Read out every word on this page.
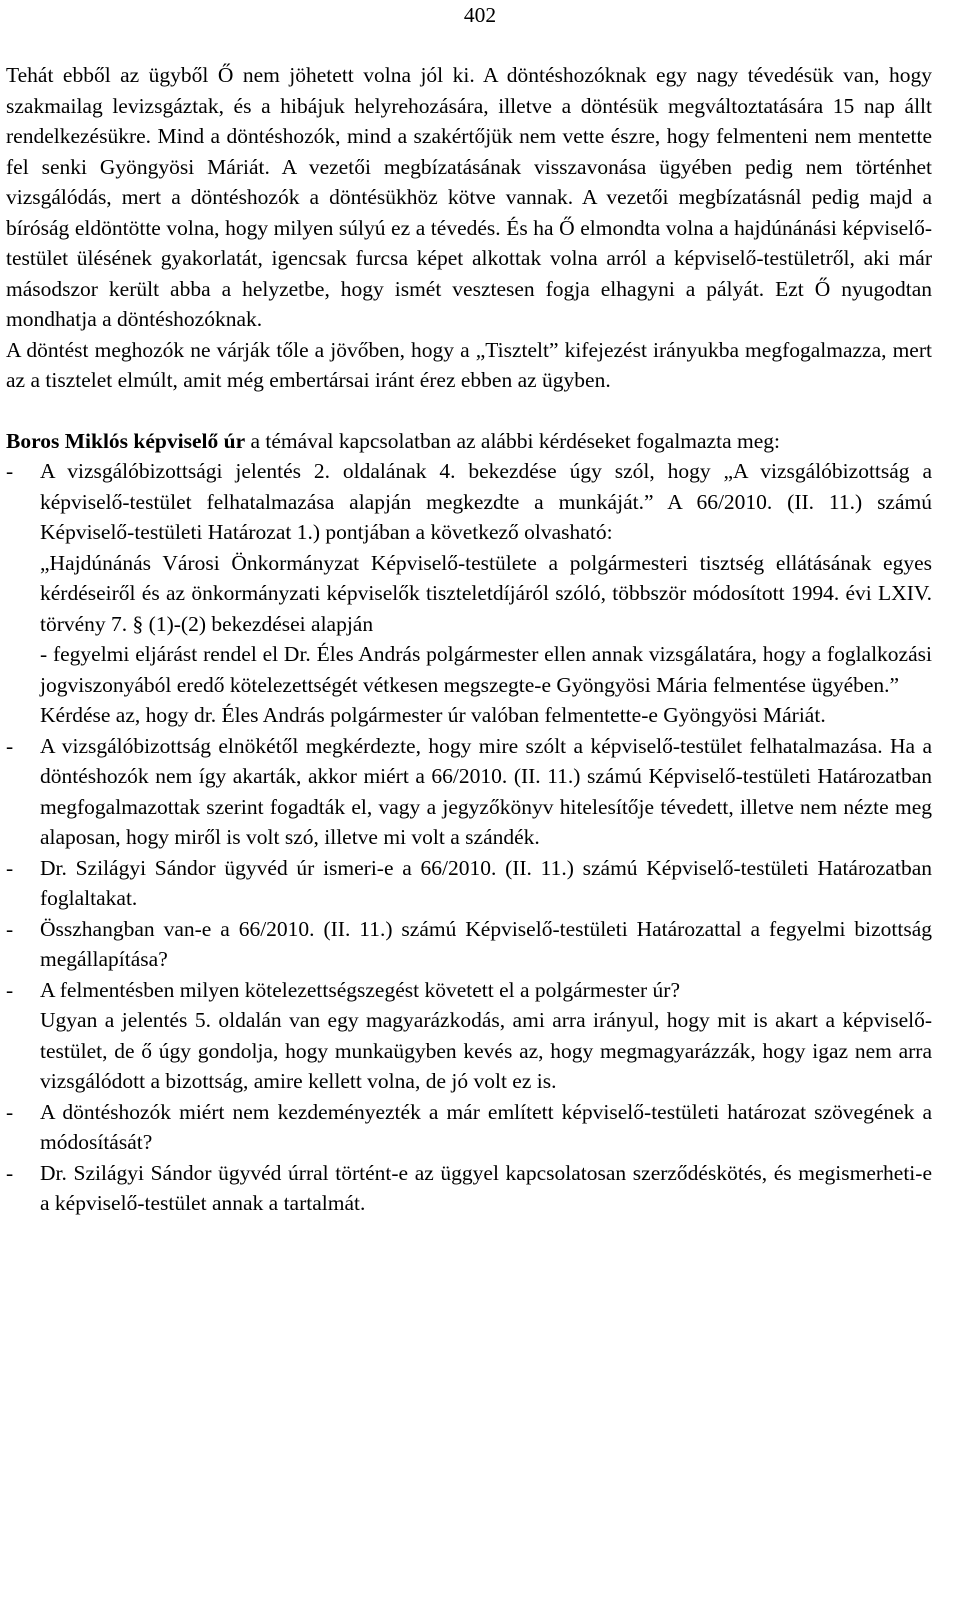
402

Tehát ebből az ügyből Ő nem jöhetett volna jól ki. A döntéshozóknak egy nagy tévedésük van, hogy szakmailag levizsgáztak, és a hibájuk helyrehozására, illetve a döntésük megváltoztatására 15 nap állt rendelkezésükre. Mind a döntéshozók, mind a szakértőjük nem vette észre, hogy felmenteni nem mentette fel senki Gyöngyösi Máriát. A vezetői megbízatásának visszavonása ügyében pedig nem történhet vizsgálódás, mert a döntéshozók a döntésükhöz kötve vannak. A vezetői megbízatásnál pedig majd a bíróság eldöntötte volna, hogy milyen súlyú ez a tévedés. És ha Ő elmondta volna a hajdúnánási képviselő-testület ülésének gyakorlatát, igencsak furcsa képet alkottak volna arról a képviselő-testületről, aki már másodszor került abba a helyzetbe, hogy ismét vesztesen fogja elhagyni a pályát. Ezt Ő nyugodtan mondhatja a döntéshozóknak.

A döntést meghozók ne várják tőle a jövőben, hogy a „Tisztelt” kifejezést irányukba megfogalmazza, mert az a tisztelet elmúlt, amit még embertársai iránt érez ebben az ügyben.

Boros Miklós képviselő úr a témával kapcsolatban az alábbi kérdéseket fogalmazta meg:

- A vizsgálóbizottsági jelentés 2. oldalának 4. bekezdése úgy szól, hogy „A vizsgálóbizottság a képviselő-testület felhatalmazása alapján megkezdte a munkáját.” A 66/2010. (II. 11.) számú Képviselő-testületi Határozat 1.) pontjában a következő olvasható:
„Hajdúnánás Városi Önkormányzat Képviselő-testülete a polgármesteri tisztség ellátásának egyes kérdéseiről és az önkormányzati képviselők tiszteletdíjáról szóló, többször módosított 1994. évi LXIV. törvény 7. § (1)-(2) bekezdései alapján
- fegyelmi eljárást rendel el Dr. Éles András polgármester ellen annak vizsgálatára, hogy a foglalkozási jogviszonyából eredő kötelezettségét vétkesen megszegte-e Gyöngyösi Mária felmentése ügyében.”
Kérdése az, hogy dr. Éles András polgármester úr valóban felmentette-e Gyöngyösi Máriát.
- A vizsgálóbizottság elnökétől megkérdezte, hogy mire szólt a képviselő-testület felhatalmazása. Ha a döntéshozók nem így akarták, akkor miért a 66/2010. (II. 11.) számú Képviselő-testületi Határozatban megfogalmazottak szerint fogadták el, vagy a jegyzőkönyv hitelesítője tévedett, illetve nem nézte meg alaposan, hogy miről is volt szó, illetve mi volt a szándék.
- Dr. Szilágyi Sándor ügyvéd úr ismeri-e a 66/2010. (II. 11.) számú Képviselő-testületi Határozatban foglaltakat.
- Összhangban van-e a 66/2010. (II. 11.) számú Képviselő-testületi Határozattal a fegyelmi bizottság megállapítása?
- A felmentésben milyen kötelezettségszegést követett el a polgármester úr?
Ugyan a jelentés 5. oldalán van egy magyarázkodás, ami arra irányul, hogy mit is akart a képviselő-testület, de ő úgy gondolja, hogy munkaügyben kevés az, hogy megmagyarázzák, hogy igaz nem arra vizsgálódott a bizottság, amire kellett volna, de jó volt ez is.
- A döntéshozók miért nem kezdeményezték a már említett képviselő-testületi határozat szövegének a módosítását?
- Dr. Szilágyi Sándor ügyvéd úrral történt-e az üggyel kapcsolatosan szerződéskötés, és megismerheti-e a képviselő-testület annak a tartalmát.
